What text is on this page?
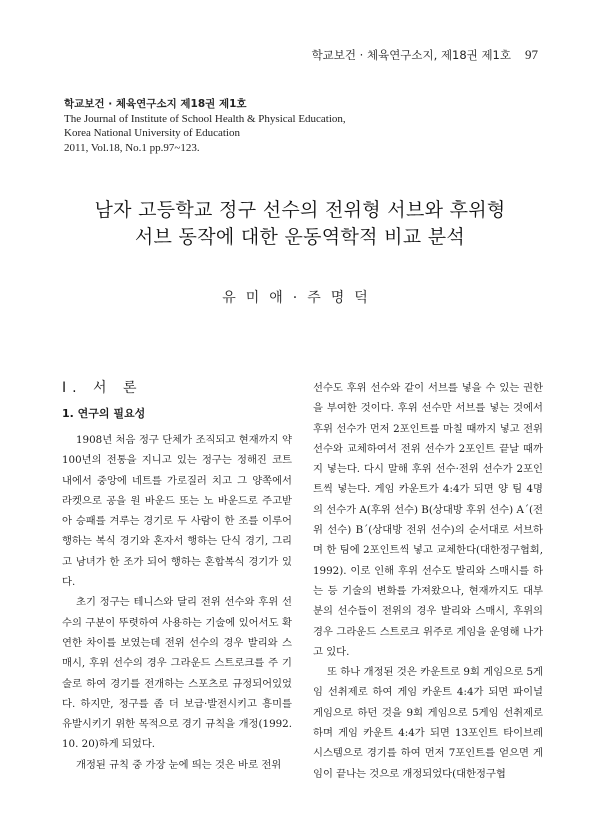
학교보건 · 체육연구소지, 제18권 제1호 97
학교보건 · 체육연구소지 제18권 제1호
The Journal of Institute of School Health & Physical Education,
Korea National University of Education
2011, Vol.18, No.1 pp.97~123.
남자 고등학교 정구 선수의 전위형 서브와 후위형
서브 동작에 대한 운동역학적 비교 분석
유미애·주명덕
Ⅰ. 서 론
1. 연구의 필요성

1908년 처음 정구 단체가 조직되고 현재까지 약 100년의 전통을 지니고 있는 정구는 정해진 코트 내에서 중앙에 네트를 가로질러 치고 그 양쪽에서 라켓으로 공을 원 바운드 또는 노 바운드로 주고받아 승패를 겨루는 경기로 두 사람이 한 조를 이루어 행하는 복식 경기와 혼자서 행하는 단식 경기, 그리고 남녀가 한 조가 되어 행하는 혼합복식 경기가 있다.

초기 정구는 테니스와 달리 전위 선수와 후위 선수의 구분이 뚜렷하여 사용하는 기술에 있어서도 확연한 차이를 보였는데 전위 선수의 경우 발리와 스매시, 후위 선수의 경우 그라운드 스트로크를 주 기술로 하여 경기를 전개하는 스포츠로 규정되어있었다. 하지만, 정구를 좀 더 보급·발전시키고 흥미를 유발시키기 위한 목적으로 경기 규칙을 개정(1992. 10. 20)하게 되었다.

개정된 규칙 중 가장 눈에 띄는 것은 바로 전위

선수도 후위 선수와 같이 서브를 넣을 수 있는 권한을 부여한 것이다. 후위 선수만 서브를 넣는 것에서 후위 선수가 먼저 2포인트를 마칠 때까지 넣고 전위 선수와 교체하여서 전위 선수가 2포인트 끝날 때까지 넣는다. 다시 말해 후위 선수·전위 선수가 2포인트씩 넣는다. 게임 카운트가 4:4가 되면 양 팀 4명의 선수가 A(후위 선수) B(상대방 후위 선수) A´(전위 선수) B´(상대방 전위 선수)의 순서대로 서브하며 한 팀에 2포인트씩 넣고 교체한다(대한정구협회, 1992). 이로 인해 후위 선수도 발리와 스매시를 하는 등 기술의 변화를 가져왔으나, 현재까지도 대부분의 선수들이 전위의 경우 발리와 스매시, 후위의 경우 그라운드 스트로크 위주로 게임을 운영해 나가고 있다.

또 하나 개정된 것은 카운트로 9회 게임으로 5게임 선취제로 하여 게임 카운트 4:4가 되면 파이널 게임으로 하던 것을 9회 게임으로 5게임 선취제로 하며 게임 카운트 4:4가 되면 13포인트 타이브레 시스템으로 경기를 하여 먼저 7포인트를 얻으면 게임이 끝나는 것으로 개정되었다(대한정구협
